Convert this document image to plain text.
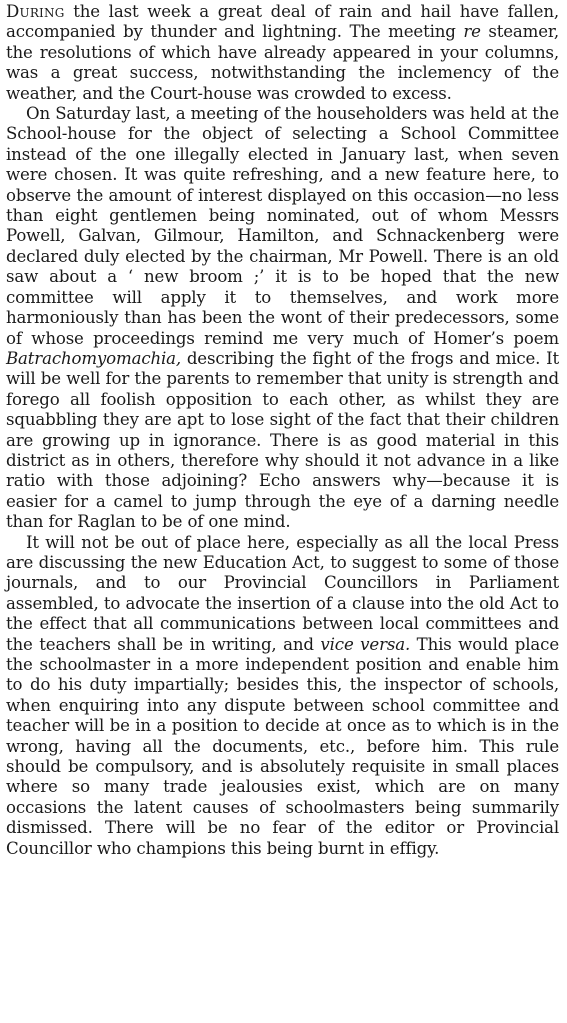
During the last week a great deal of rain and hail have fallen, accompanied by thunder and lightning. The meeting re steamer, the resolutions of which have already appeared in your columns, was a great success, notwithstanding the inclemency of the weather, and the Court-house was crowded to excess.

On Saturday last, a meeting of the householders was held at the School-house for the object of selecting a School Committee instead of the one illegally elected in January last, when seven were chosen. It was quite refreshing, and a new feature here, to observe the amount of interest displayed on this occasion—no less than eight gentlemen being nominated, out of whom Messrs Powell, Galvan, Gilmour, Hamilton, and Schnackenberg were declared duly elected by the chairman, Mr Powell. There is an old saw about a ‘ new broom ;’ it is to be hoped that the new committee will apply it to themselves, and work more harmoniously than has been the wont of their predecessors, some of whose proceedings remind me very much of Homer’s poem Batrachomyomachia, describing the fight of the frogs and mice. It will be well for the parents to remember that unity is strength and forego all foolish opposition to each other, as whilst they are squabbling they are apt to lose sight of the fact that their children are growing up in ignorance. There is as good material in this district as in others, therefore why should it not advance in a like ratio with those adjoining? Echo answers why—because it is easier for a camel to jump through the eye of a darning needle than for Raglan to be of one mind.

It will not be out of place here, especially as all the local Press are discussing the new Education Act, to suggest to some of those journals, and to our Provincial Councillors in Parliament assembled, to advocate the insertion of a clause into the old Act to the effect that all communications between local committees and the teachers shall be in writing, and vice versa. This would place the schoolmaster in a more independent position and enable him to do his duty impartially; besides this, the inspector of schools, when enquiring into any dispute between school committee and teacher will be in a position to decide at once as to which is in the wrong, having all the documents, etc., before him. This rule should be compulsory, and is absolutely requisite in small places where so many trade jealousies exist, which are on many occasions the latent causes of schoolmasters being summarily dismissed. There will be no fear of the editor or Provincial Councillor who champions this being burnt in effigy.
